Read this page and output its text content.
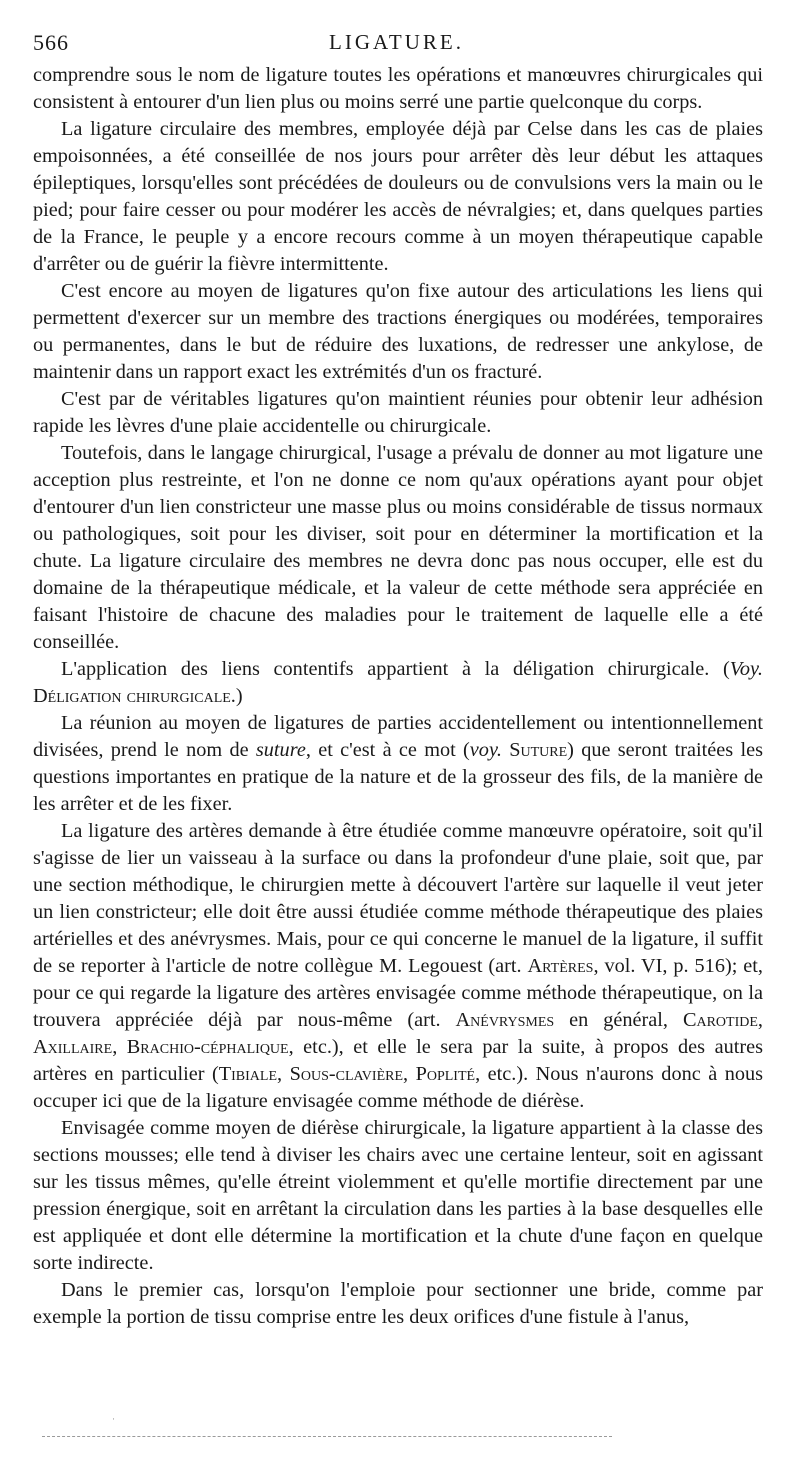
566	LIGATURE.

comprendre sous le nom de ligature toutes les opérations et manœuvres chirurgicales qui consistent à entourer d'un lien plus ou moins serré une partie quelconque du corps.

La ligature circulaire des membres, employée déjà par Celse dans les cas de plaies empoisonnées, a été conseillée de nos jours pour arrêter dès leur début les attaques épileptiques, lorsqu'elles sont précédées de douleurs ou de convulsions vers la main ou le pied; pour faire cesser ou pour modérer les accès de névralgies; et, dans quelques parties de la France, le peuple y a encore recours comme à un moyen thérapeutique capable d'arrêter ou de guérir la fièvre intermittente.

C'est encore au moyen de ligatures qu'on fixe autour des articulations les liens qui permettent d'exercer sur un membre des tractions énergiques ou modérées, temporaires ou permanentes, dans le but de réduire des luxations, de redresser une ankylose, de maintenir dans un rapport exact les extrémités d'un os fracturé.

C'est par de véritables ligatures qu'on maintient réunies pour obtenir leur adhésion rapide les lèvres d'une plaie accidentelle ou chirurgicale.

Toutefois, dans le langage chirurgical, l'usage a prévalu de donner au mot ligature une acception plus restreinte, et l'on ne donne ce nom qu'aux opérations ayant pour objet d'entourer d'un lien constricteur une masse plus ou moins considérable de tissus normaux ou pathologiques, soit pour les diviser, soit pour en déterminer la mortification et la chute. La ligature circulaire des membres ne devra donc pas nous occuper, elle est du domaine de la thérapeutique médicale, et la valeur de cette méthode sera appréciée en faisant l'histoire de chacune des maladies pour le traitement de laquelle elle a été conseillée.

L'application des liens contentifs appartient à la déligation chirurgicale. (Voy. Déligation chirurgicale.)

La réunion au moyen de ligatures de parties accidentellement ou intentionnellement divisées, prend le nom de suture, et c'est à ce mot (voy. Suture) que seront traitées les questions importantes en pratique de la nature et de la grosseur des fils, de la manière de les arrêter et de les fixer.

La ligature des artères demande à être étudiée comme manœuvre opératoire, soit qu'il s'agisse de lier un vaisseau à la surface ou dans la profondeur d'une plaie, soit que, par une section méthodique, le chirurgien mette à découvert l'artère sur laquelle il veut jeter un lien constricteur; elle doit être aussi étudiée comme méthode thérapeutique des plaies artérielles et des anévrysmes. Mais, pour ce qui concerne le manuel de la ligature, il suffit de se reporter à l'article de notre collègue M. Legouest (art. Artères, vol. VI, p. 516); et, pour ce qui regarde la ligature des artères envisagée comme méthode thérapeutique, on la trouvera appréciée déjà par nous-même (art. Anévrysmes en général, Carotide, Axillaire, Brachio-céphalique, etc.), et elle le sera par la suite, à propos des autres artères en particulier (Tibiale, Sous-clavière, Poplité, etc.). Nous n'aurons donc à nous occuper ici que de la ligature envisagée comme méthode de diérèse.

Envisagée comme moyen de diérèse chirurgicale, la ligature appartient à la classe des sections mousses; elle tend à diviser les chairs avec une certaine lenteur, soit en agissant sur les tissus mêmes, qu'elle étreint violemment et qu'elle mortifie directement par une pression énergique, soit en arrêtant la circulation dans les parties à la base desquelles elle est appliquée et dont elle détermine la mortification et la chute d'une façon en quelque sorte indirecte.

Dans le premier cas, lorsqu'on l'emploie pour sectionner une bride, comme par exemple la portion de tissu comprise entre les deux orifices d'une fistule à l'anus,

·
